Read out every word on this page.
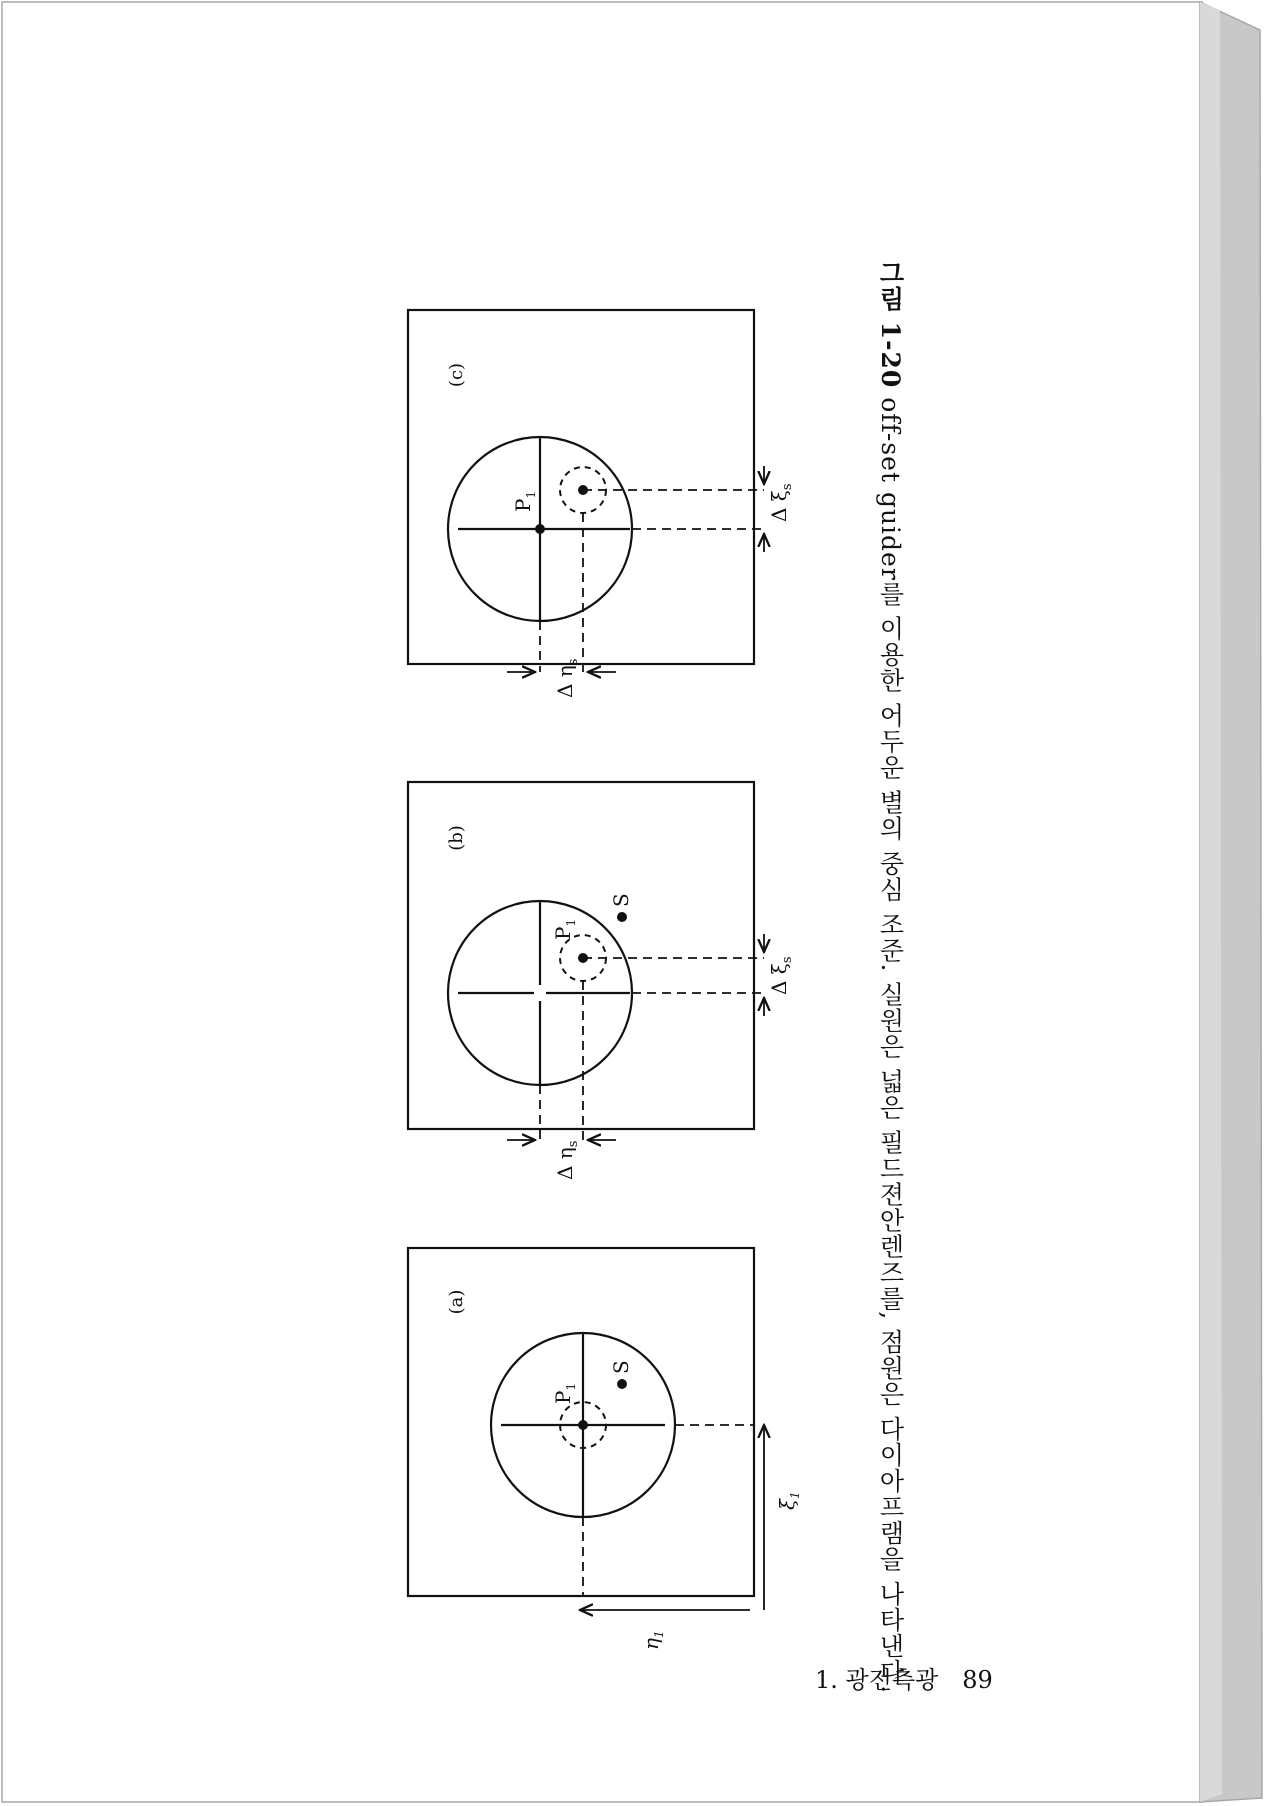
(c)
$P_1$
Δ $\eta_s$
Δ $\xi_s$
(b)
$P_1$
S
Δ $\eta_s$
Δ $\xi_s$
(a)
$P_1$
S
$\eta_1$
$\xi_1$
그림 1-20 off-set guider를 이용한 어두운 별의 중심 조준. 실원은 넓은 필드젼안렌즈를, 점원은 다이아프램을 나타낸다.
1. 광전측광 89
